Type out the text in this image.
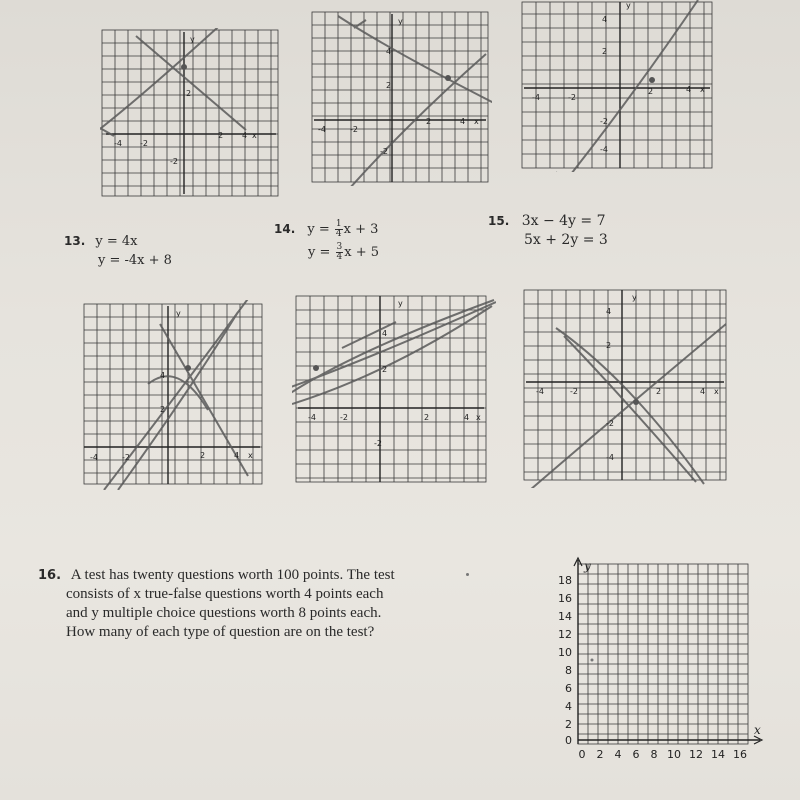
-4 -2
2 4 x
2
-2
y
-4	-2
2	4 x
4
2
-2
y
-4	-2
2	4 x
4
2
-2
-4
y
13. y = 4x
y = -4x + 8
14. $y = \frac{1}{4}$ x + 3
$y = \frac{3}{4}$ x + 5
15. 3x − 4y = 7
5x + 2y = 3
-4	-2	2	4 x
4
2
y
-4	-2	2	4 x
4
2
-2
y
-4	-2	2	4 x
4
2
-2
-4
y
16. A test has twenty questions worth 100 points. The test
consists of x true-false questions worth 4 points each
and y multiple choice questions worth 8 points each.
How many of each type of question are on the test?
18
16
14
12
10
8
6
4
2
0
0 2 4 6 8 10 12 14 16
y
x
